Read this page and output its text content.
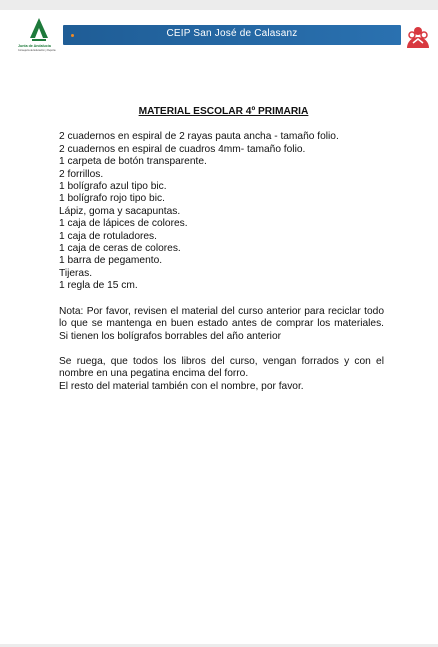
Junta de Andalucía
Consejería de Educación y Deporte
CEIP San José de Calasanz
MATERIAL ESCOLAR 4º PRIMARIA
2 cuadernos en espiral de 2 rayas pauta ancha - tamaño folio.
2 cuadernos en espiral de cuadros 4mm- tamaño folio.
1 carpeta de botón transparente.
2 forrillos.
1 bolígrafo azul tipo bic.
1 bolígrafo rojo tipo bic.
Lápiz, goma y sacapuntas.
1 caja de lápices de colores.
1 caja de rotuladores.
1 caja de ceras de colores.
1 barra de pegamento.
Tijeras.
1 regla de 15 cm.
Nota: Por favor, revisen el material del curso anterior para reciclar todo lo que se mantenga en buen estado antes de comprar los materiales. Si tienen los bolígrafos borrables del año anterior
Se ruega, que todos los libros del curso, vengan forrados y con el nombre en una pegatina encima del forro.
El resto del material también con el nombre, por favor.
